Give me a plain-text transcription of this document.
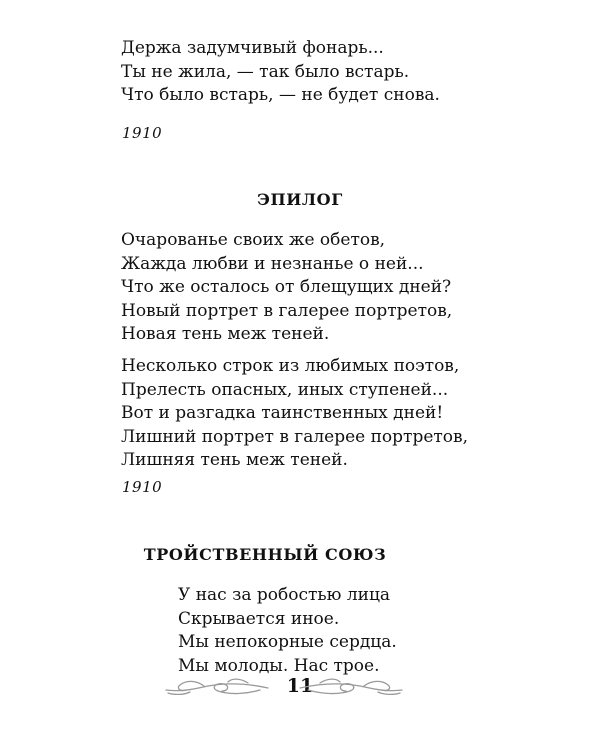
Держа задумчивый фонарь...
Ты не жила, — так было встарь.
Что было встарь, — не будет снова.
1910
ЭПИЛОГ
Очарованье своих же обетов,
Жажда любви и незнанье о ней...
Что же осталось от блещущих дней?
Новый портрет в галерее портретов,
Новая тень меж теней.
Несколько строк из любимых поэтов,
Прелесть опасных, иных ступеней...
Вот и разгадка таинственных дней!
Лишний портрет в галерее портретов,
Лишняя тень меж теней.
1910
ТРОЙСТВЕННЫЙ СОЮЗ
У нас за робостью лица
Скрывается иное.
Мы непокорные сердца.
Мы молоды. Нас трое.
11
